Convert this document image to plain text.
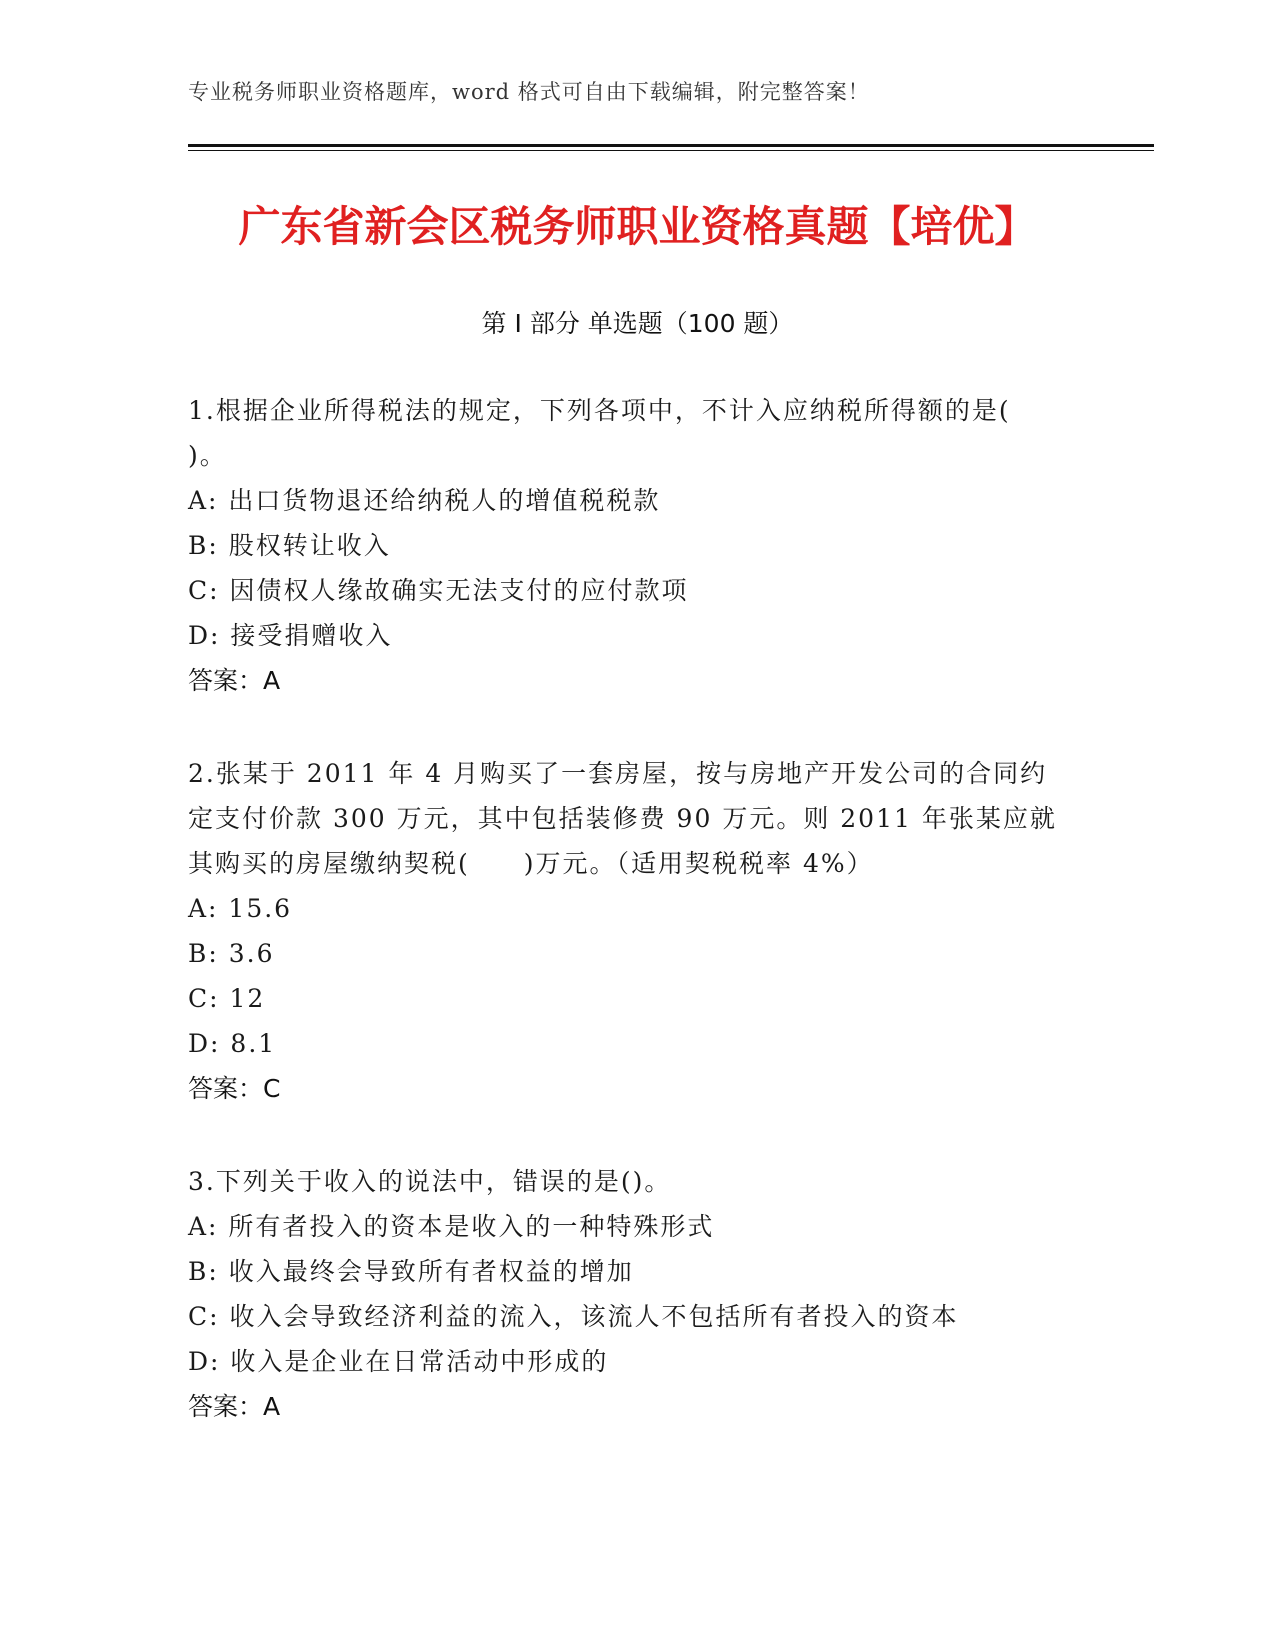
专业税务师职业资格题库，word 格式可自由下载编辑，附完整答案！
广东省新会区税务师职业资格真题【培优】
第 I 部分 单选题（100 题）
1.根据企业所得税法的规定，下列各项中，不计入应纳税所得额的是(
)。
A: 出口货物退还给纳税人的增值税税款
B: 股权转让收入
C: 因债权人缘故确实无法支付的应付款项
D: 接受捐赠收入
答案：A
2.张某于 2011 年 4 月购买了一套房屋，按与房地产开发公司的合同约
定支付价款 300 万元，其中包括装修费 90 万元。则 2011 年张某应就
其购买的房屋缴纳契税(　　)万元。（适用契税税率 4%）
A: 15.6
B: 3.6
C: 12
D: 8.1
答案：C
3.下列关于收入的说法中，错误的是()。
A: 所有者投入的资本是收入的一种特殊形式
B: 收入最终会导致所有者权益的增加
C: 收入会导致经济利益的流入，该流人不包括所有者投入的资本
D: 收入是企业在日常活动中形成的
答案：A
